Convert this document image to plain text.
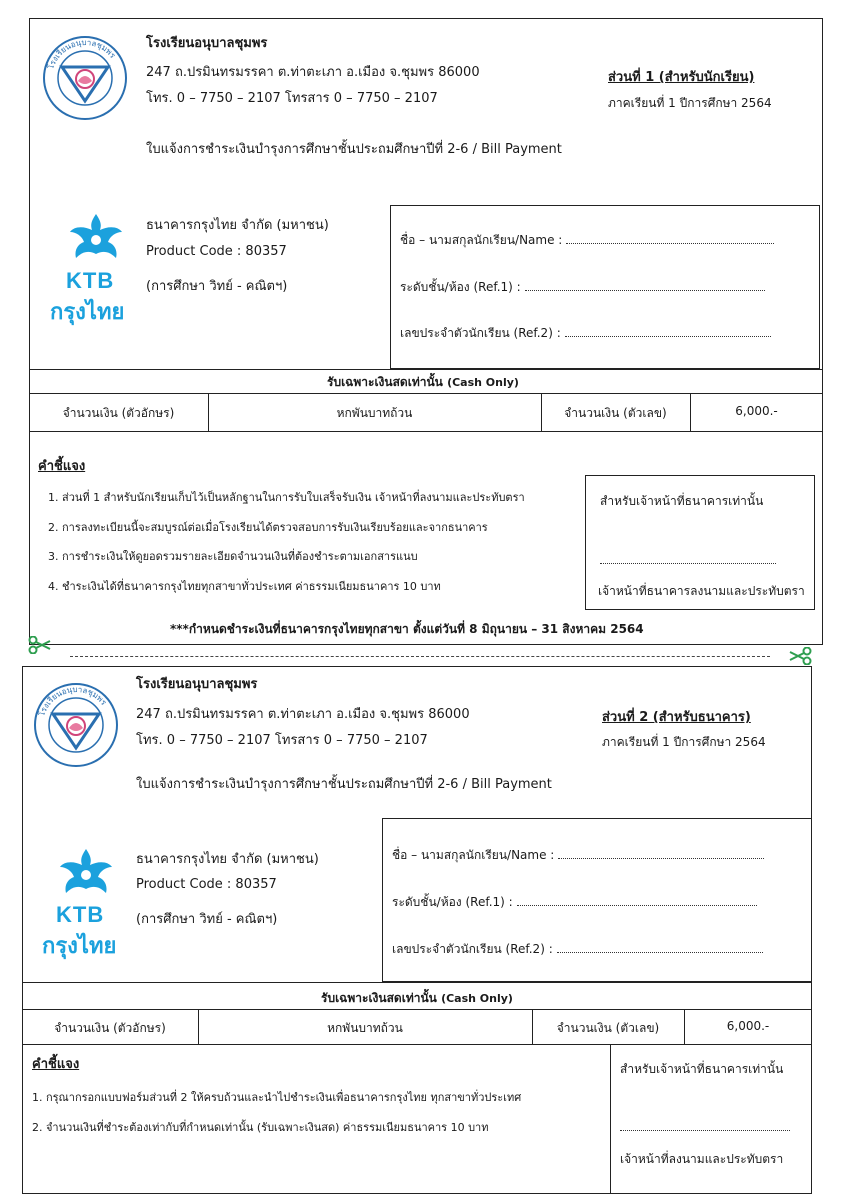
โรงเรียนอนุบาลชุมพร
โรงเรียนอนุบาลชุมพร
247 ถ.ปรมินทรมรรคา ต.ท่าตะเภา อ.เมือง จ.ชุมพร 86000
โทร. 0 – 7750 – 2107 โทรสาร 0 – 7750 – 2107
ส่วนที่ 1 (สำหรับนักเรียน)
ภาคเรียนที่ 1 ปีการศึกษา 2564
ใบแจ้งการชำระเงินบำรุงการศึกษาชั้นประถมศึกษาปีที่ 2-6 / Bill Payment
KTB
กรุงไทย
ธนาคารกรุงไทย จำกัด (มหาชน)
Product Code : 80357
(การศึกษา วิทย์ - คณิตฯ)
ชื่อ – นามสกุลนักเรียน/Name :
ระดับชั้น/ห้อง (Ref.1) :
เลขประจำตัวนักเรียน (Ref.2) :
รับเฉพาะเงินสดเท่านั้น (Cash Only)
จำนวนเงิน (ตัวอักษร)	หกพันบาทถ้วน	จำนวนเงิน (ตัวเลข)	6,000.-
คำชี้แจง
1. ส่วนที่ 1 สำหรับนักเรียนเก็บไว้เป็นหลักฐานในการรับใบเสร็จรับเงิน เจ้าหน้าที่ลงนามและประทับตรา
2. การลงทะเบียนนี้จะสมบูรณ์ต่อเมื่อโรงเรียนได้ตรวจสอบการรับเงินเรียบร้อยและจากธนาคาร
3. การชำระเงินให้ดูยอดรวมรายละเอียดจำนวนเงินที่ต้องชำระตามเอกสารแนบ
4. ชำระเงินได้ที่ธนาคารกรุงไทยทุกสาขาทั่วประเทศ ค่าธรรมเนียมธนาคาร 10 บาท
สำหรับเจ้าหน้าที่ธนาคารเท่านั้น
เจ้าหน้าที่ธนาคารลงนามและประทับตรา
***กำหนดชำระเงินที่ธนาคารกรุงไทยทุกสาขา ตั้งแต่วันที่ 8 มิถุนายน – 31 สิงหาคม 2564
โรงเรียนอนุบาลชุมพร
โรงเรียนอนุบาลชุมพร
247 ถ.ปรมินทรมรรคา ต.ท่าตะเภา อ.เมือง จ.ชุมพร 86000
โทร. 0 – 7750 – 2107 โทรสาร 0 – 7750 – 2107
ส่วนที่ 2 (สำหรับธนาคาร)
ภาคเรียนที่ 1 ปีการศึกษา 2564
ใบแจ้งการชำระเงินบำรุงการศึกษาชั้นประถมศึกษาปีที่ 2-6 / Bill Payment
KTB
กรุงไทย
ธนาคารกรุงไทย จำกัด (มหาชน)
Product Code : 80357
(การศึกษา วิทย์ - คณิตฯ)
ชื่อ – นามสกุลนักเรียน/Name :
ระดับชั้น/ห้อง (Ref.1) :
เลขประจำตัวนักเรียน (Ref.2) :
รับเฉพาะเงินสดเท่านั้น (Cash Only)
จำนวนเงิน (ตัวอักษร)	หกพันบาทถ้วน	จำนวนเงิน (ตัวเลข)	6,000.-
คำชี้แจง
1. กรุณากรอกแบบฟอร์มส่วนที่ 2 ให้ครบถ้วนและนำไปชำระเงินเพื่อธนาคารกรุงไทย ทุกสาขาทั่วประเทศ
2. จำนวนเงินที่ชำระต้องเท่ากับที่กำหนดเท่านั้น (รับเฉพาะเงินสด) ค่าธรรมเนียมธนาคาร 10 บาท
สำหรับเจ้าหน้าที่ธนาคารเท่านั้น
เจ้าหน้าที่ลงนามและประทับตรา
